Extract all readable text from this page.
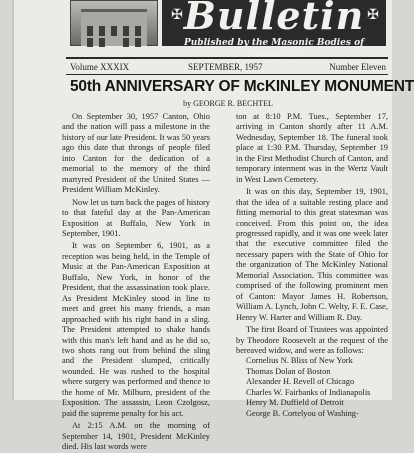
✠	✠
Bulletin
Published by the Masonic Bodies of
Volume XXXIX	SEPTEMBER, 1957	Number Eleven
50th ANNIVERSARY OF McKINLEY MONUMENT
by GEORGE R. BECHTEL

On September 30, 1957 Canton, Ohio and the nation will pass a milestone in the history of our late President. It was 50 years ago this date that throngs of people filed into Canton for the dedication of a memorial to the memory of the third martyred President of the United States — President William McKinley.

Now let us turn back the pages of history to that fateful day at the Pan-American Exposition at Buffalo, New York in September, 1901.

It was on September 6, 1901, as a reception was being held, in the Temple of Music at the Pan-American Exposition at Buffalo, New York, in honor of the President, that the assassination took place. As President McKinley stood in line to meet and greet his many friends, a man approached with his right hand in a sling. The President attempted to shake hands with this man's left hand and as he did so, two shots rang out from behind the sling and the President slumped, critically wounded. He was rushed to the hospital where surgery was performed and thence to the home of Mr. Milburn, president of the Exposition. The assassin, Leon Czolgosz, paid the supreme penalty for his act.

At 2:15 A.M. on the morning of September 14, 1901, President McKinley died. His last words were

ton at 8:10 P.M. Tues., September 17, arriving in Canton shortly after 11 A.M. Wednesday, September 18. The funeral took place at 1:30 P.M. Thursday, September 19 in the First Methodist Church of Canton, and temporary interment was in the Wertz Vault in West Lawn Cemetery.

It was on this day, September 19, 1901, that the idea of a suitable resting place and fitting memorial to this great statesman was conceived. From this point on, the idea progressed rapidly, and it was one week later that the executive committee filed the necessary papers with the State of Ohio for the organization of The McKinley National Memorial Association. This committee was comprised of the following prominent men of Canton: Mayor James H. Robertson, William A. Lynch, John C. Welty, F. E. Case, Henry W. Harter and William R. Day.

The first Board of Trustees was appointed by Theodore Roosevelt at the request of the bereaved widow, and were as follows:

Cornelius N. Bliss of New York
Thomas Dolan of Boston
Alexander H. Revell of Chicago
Charles W. Fairbanks of Indianapolis
Henry M. Duffield of Detroit
George B. Cortelyou of Washing-
